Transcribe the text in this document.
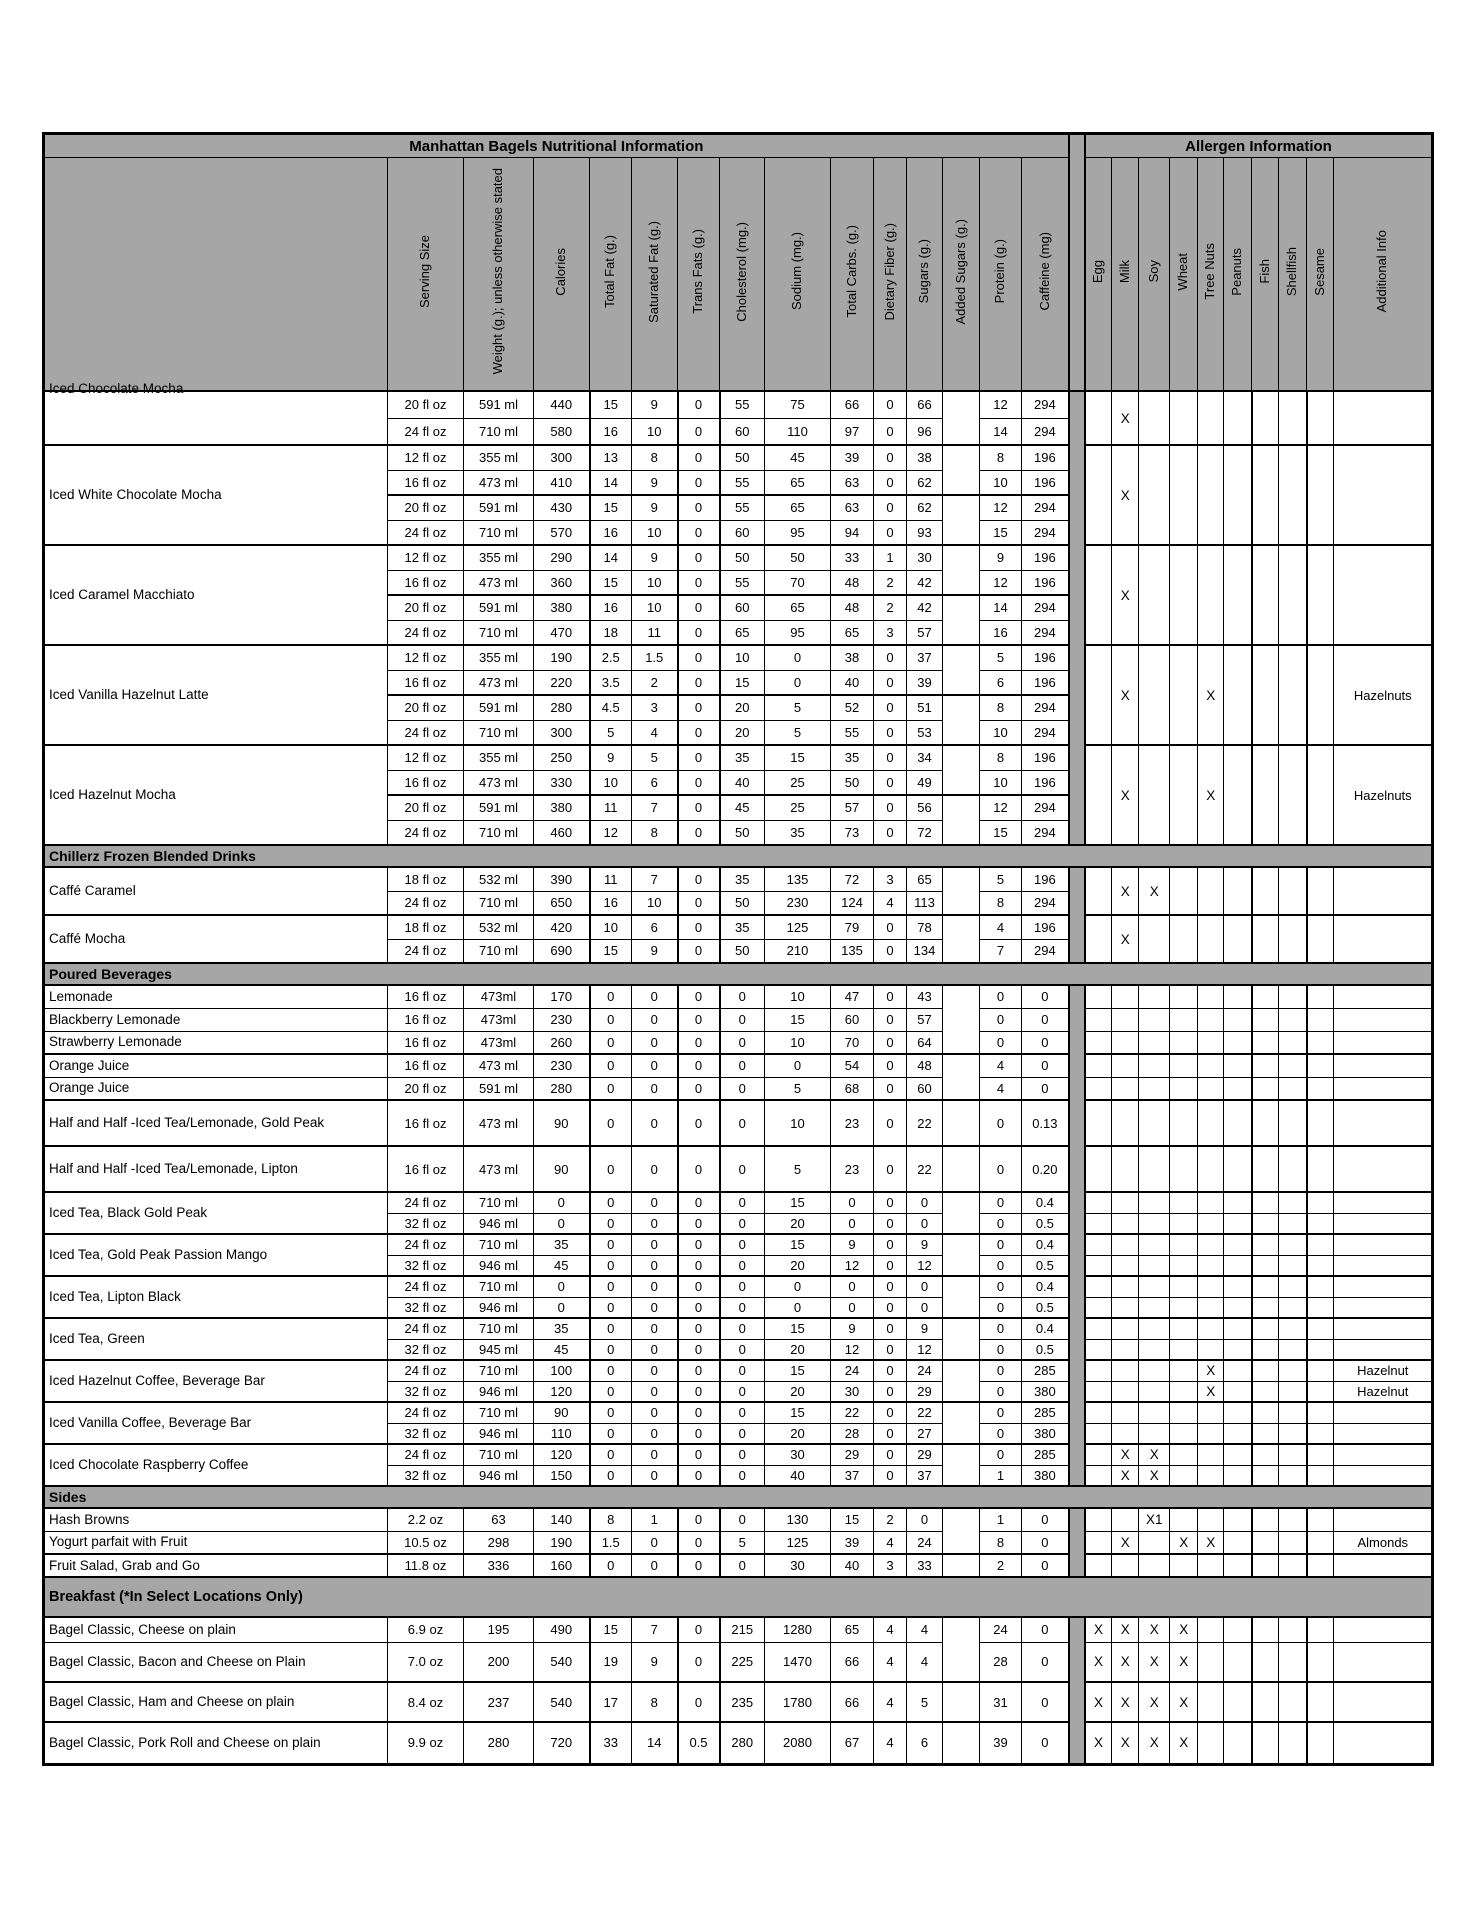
Manhattan Bagels Nutritional Information																Allergen Information									
	Serving Size	Weight (g.); unless otherwise stated	Calories	Total Fat (g.)	Saturated Fat (g.)	Trans Fats (g.)	Cholesterol (mg.)	Sodium (mg.)	Total Carbs. (g.)	Dietary Fiber (g.)	Sugars (g.)	Added Sugars (g.)	Protein (g.)	Caffeine (mg)		Egg	Milk	Soy	Wheat	Tree Nuts	Peanuts	Fish	Shellfish	Sesame	Additional Info

Iced Chocolate Mocha	20 fl oz	591 ml	440	15	9	0	55	75	66	0	66		12	294			X								
	24 fl oz	710 ml	580	16	10	0	60	110	97	0	96		14	294											
Iced White Chocolate Mocha	12 fl oz	355 ml	300	13	8	0	50	45	39	0	38		8	196			X								
	16 fl oz	473 ml	410	14	9	0	55	65	63	0	62		10	196											
	20 fl oz	591 ml	430	15	9	0	55	65	63	0	62		12	294											
	24 fl oz	710 ml	570	16	10	0	60	95	94	0	93		15	294											
Iced Caramel Macchiato	12 fl oz	355 ml	290	14	9	0	50	50	33	1	30		9	196			X								
	16 fl oz	473 ml	360	15	10	0	55	70	48	2	42		12	196											
	20 fl oz	591 ml	380	16	10	0	60	65	48	2	42		14	294											
	24 fl oz	710 ml	470	18	11	0	65	95	65	3	57		16	294											
Iced Vanilla Hazelnut Latte	12 fl oz	355 ml	190	2.5	1.5	0	10	0	38	0	37		5	196			X			X					Hazelnuts
	16 fl oz	473 ml	220	3.5	2	0	15	0	40	0	39		6	196											
	20 fl oz	591 ml	280	4.5	3	0	20	5	52	0	51		8	294											
	24 fl oz	710 ml	300	5	4	0	20	5	55	0	53		10	294											
Iced Hazelnut Mocha	12 fl oz	355 ml	250	9	5	0	35	15	35	0	34		8	196			X			X					Hazelnuts
	16 fl oz	473 ml	330	10	6	0	40	25	50	0	49		10	196											
	20 fl oz	591 ml	380	11	7	0	45	25	57	0	56		12	294											
	24 fl oz	710 ml	460	12	8	0	50	35	73	0	72		15	294											
Chillerz Frozen Blended Drinks																									
Caffé Caramel	18 fl oz	532 ml	390	11	7	0	35	135	72	3	65		5	196			X	X							
	24 fl oz	710 ml	650	16	10	0	50	230	124	4	113		8	294											
Caffé Mocha	18 fl oz	532 ml	420	10	6	0	35	125	79	0	78		4	196			X								
	24 fl oz	710 ml	690	15	9	0	50	210	135	0	134		7	294											
Poured Beverages																									
Lemonade	16 fl oz	473ml	170	0	0	0	0	10	47	0	43		0	0											
Blackberry Lemonade	16 fl oz	473ml	230	0	0	0	0	15	60	0	57		0	0											
Strawberry Lemonade	16 fl oz	473ml	260	0	0	0	0	10	70	0	64		0	0											
Orange Juice	16 fl oz	473 ml	230	0	0	0	0	0	54	0	48		4	0											
Orange Juice	20 fl oz	591 ml	280	0	0	0	0	5	68	0	60		4	0											
Half and Half -Iced Tea/Lemonade, Gold Peak	16 fl oz	473 ml	90	0	0	0	0	10	23	0	22		0	0.13											
Half and Half -Iced Tea/Lemonade, Lipton	16 fl oz	473 ml	90	0	0	0	0	5	23	0	22		0	0.20											
Iced Tea, Black Gold Peak	24 fl oz	710 ml	0	0	0	0	0	15	0	0	0		0	0.4											
	32 fl oz	946 ml	0	0	0	0	0	20	0	0	0		0	0.5											
Iced Tea, Gold Peak Passion Mango	24 fl oz	710 ml	35	0	0	0	0	15	9	0	9		0	0.4											
	32 fl oz	946 ml	45	0	0	0	0	20	12	0	12		0	0.5											
Iced Tea, Lipton Black	24 fl oz	710 ml	0	0	0	0	0	0	0	0	0		0	0.4											
	32 fl oz	946 ml	0	0	0	0	0	0	0	0	0		0	0.5											
Iced Tea, Green	24 fl oz	710 ml	35	0	0	0	0	15	9	0	9		0	0.4											
	32 fl oz	945 ml	45	0	0	0	0	20	12	0	12		0	0.5											
Iced Hazelnut Coffee, Beverage Bar	24 fl oz	710 ml	100	0	0	0	0	15	24	0	24		0	285						X					Hazelnut
	32 fl oz	946 ml	120	0	0	0	0	20	30	0	29		0	380						X					Hazelnut
Iced Vanilla Coffee, Beverage Bar	24 fl oz	710 ml	90	0	0	0	0	15	22	0	22		0	285											
	32 fl oz	946 ml	110	0	0	0	0	20	28	0	27		0	380											
Iced Chocolate Raspberry Coffee	24 fl oz	710 ml	120	0	0	0	0	30	29	0	29		0	285			X	X							
	32 fl oz	946 ml	150	0	0	0	0	40	37	0	37		1	380			X	X							
Sides																									
Hash Browns	2.2 oz	63	140	8	1	0	0	130	15	2	0		1	0				X1							
Yogurt parfait with Fruit	10.5 oz	298	190	1.5	0	0	5	125	39	4	24		8	0			X		X	X					Almonds
Fruit Salad, Grab and Go	11.8 oz	336	160	0	0	0	0	30	40	3	33		2	0											
Breakfast (*In Select Locations Only)																									
Bagel Classic, Cheese on plain	6.9 oz	195	490	15	7	0	215	1280	65	4	4		24	0		X	X	X	X						
Bagel Classic, Bacon and Cheese on Plain	7.0 oz	200	540	19	9	0	225	1470	66	4	4		28	0		X	X	X	X						
Bagel Classic, Ham and Cheese on plain	8.4 oz	237	540	17	8	0	235	1780	66	4	5		31	0		X	X	X	X						
Bagel Classic, Pork Roll and Cheese on plain	9.9 oz	280	720	33	14	0.5	280	2080	67	4	6		39	0		X	X	X	X						
